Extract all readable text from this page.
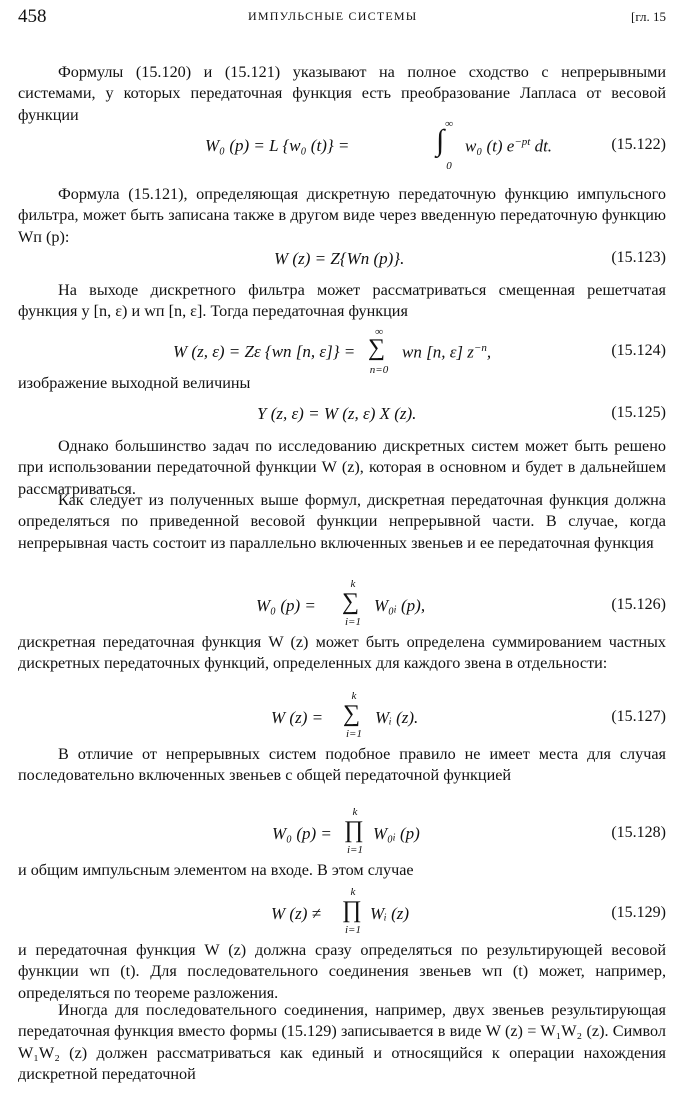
458	ИМПУЛЬСНЫЕ СИСТЕМЫ	[гл. 15
Формулы (15.120) и (15.121) указывают на полное сходство с непрерывными системами, у которых передаточная функция есть преобразование Лапласа от весовой функции
W₀ (p) = L {w₀ (t)} =
∞
∫
0
w₀ (t) $e^{-pt}$ dt.	(15.122)
Формула (15.121), определяющая дискретную передаточную функцию импульсного фильтра, может быть записана также в другом виде через введенную передаточную функцию Wп (p):
W (z) = Z{Wп (p)}.	(15.123)
На выходе дискретного фильтра может рассматриваться смещенная решетчатая функция y [n, ε) и wп [n, ε]. Тогда передаточная функция
W (z, ε) = Zε {wп [n, ε]} =
∞
∑
n=0
wп [n, ε] $z^{-n}$,	(15.124)
изображение выходной величины
Y (z, ε) = W (z, ε) X (z).	(15.125)
Однако большинство задач по исследованию дискретных систем может быть решено при использовании передаточной функции W (z), которая в основном и будет в дальнейшем рассматриваться.
Как следует из полученных выше формул, дискретная передаточная функция должна определяться по приведенной весовой функции непрерывной части. В случае, когда непрерывная часть состоит из параллельно включенных звеньев и ее передаточная функция
W₀ (p) =
k
∑
i=1
W₀ᵢ (p),	(15.126)
дискретная передаточная функция W (z) может быть определена суммированием частных дискретных передаточных функций, определенных для каждого звена в отдельности:
W (z) =
k
∑
i=1
Wᵢ (z).	(15.127)
В отличие от непрерывных систем подобное правило не имеет места для случая последовательно включенных звеньев с общей передаточной функцией
W₀ (p) =
k
∏
i=1
W₀ᵢ (p)	(15.128)
и общим импульсным элементом на входе. В этом случае
W (z) ≠
k
∏
i=1
Wᵢ (z)	(15.129)
и передаточная функция W (z) должна сразу определяться по результирующей весовой функции wп (t). Для последовательного соединения звеньев wп (t) может, например, определяться по теореме разложения.
Иногда для последовательного соединения, например, двух звеньев результирующая передаточная функция вместо формы (15.129) записывается в виде W (z) = W₁W₂ (z). Символ W₁W₂ (z) должен рассматриваться как единый и относящийся к операции нахождения дискретной передаточной
